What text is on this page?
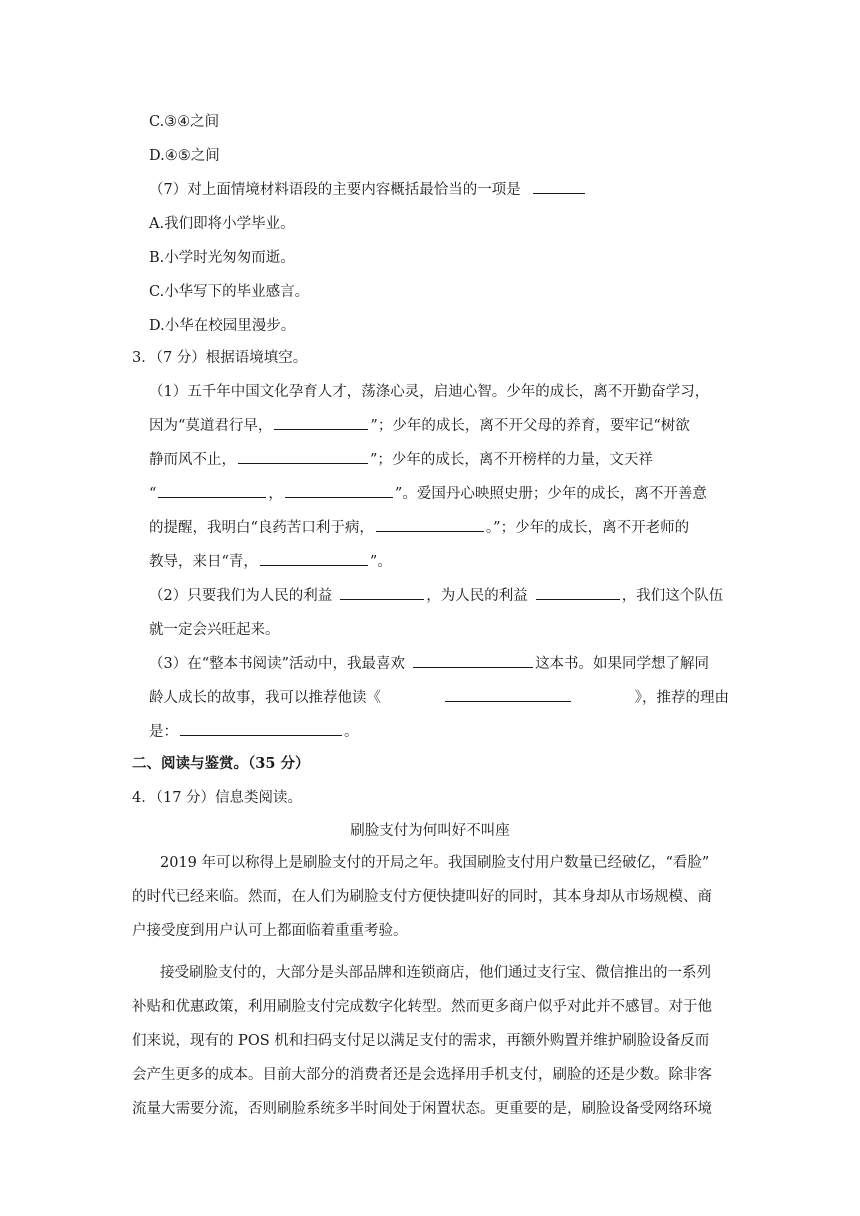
C.③④之间
D.④⑤之间
（7）对上面情境材料语段的主要内容概括最恰当的一项是
A.我们即将小学毕业。
B.小学时光匆匆而逝。
C.小华写下的毕业感言。
D.小华在校园里漫步。
3．（7 分）根据语境填空。
（1）五千年中国文化孕育人才，荡涤心灵，启迪心智。少年的成长，离不开勤奋学习，
因为“莫道君行早，	”；少年的成长，离不开父母的养育，要牢记“树欲
静而风不止，	”；少年的成长，离不开榜样的力量，文天祥
“	，	”。爱国丹心映照史册；少年的成长，离不开善意
的提醒，我明白“良药苦口利于病，	。”；少年的成长，离不开老师的
教导，来日“青，	”。
（2）只要我们为人民的利益	，为人民的利益	，我们这个队伍
就一定会兴旺起来。
（3）在“整本书阅读”活动中，我最喜欢	这本书。如果同学想了解同
龄人成长的故事，我可以推荐他读《	》，推荐的理由
是：	。
二、阅读与鉴赏。（35 分）
4．（17 分）信息类阅读。
刷脸支付为何叫好不叫座
2019 年可以称得上是刷脸支付的开局之年。我国刷脸支付用户数量已经破亿，“看脸”
的时代已经来临。然而，在人们为刷脸支付方便快捷叫好的同时，其本身却从市场规模、商
户接受度到用户认可上都面临着重重考验。
接受刷脸支付的，大部分是头部品牌和连锁商店，他们通过支行宝、微信推出的一系列
补贴和优惠政策，利用刷脸支付完成数字化转型。然而更多商户似乎对此并不感冒。对于他
们来说，现有的 POS 机和扫码支付足以满足支付的需求，再额外购置并维护刷脸设备反而
会产生更多的成本。目前大部分的消费者还是会选择用手机支付，刷脸的还是少数。除非客
流量大需要分流，否则刷脸系统多半时间处于闲置状态。更重要的是，刷脸设备受网络环境
